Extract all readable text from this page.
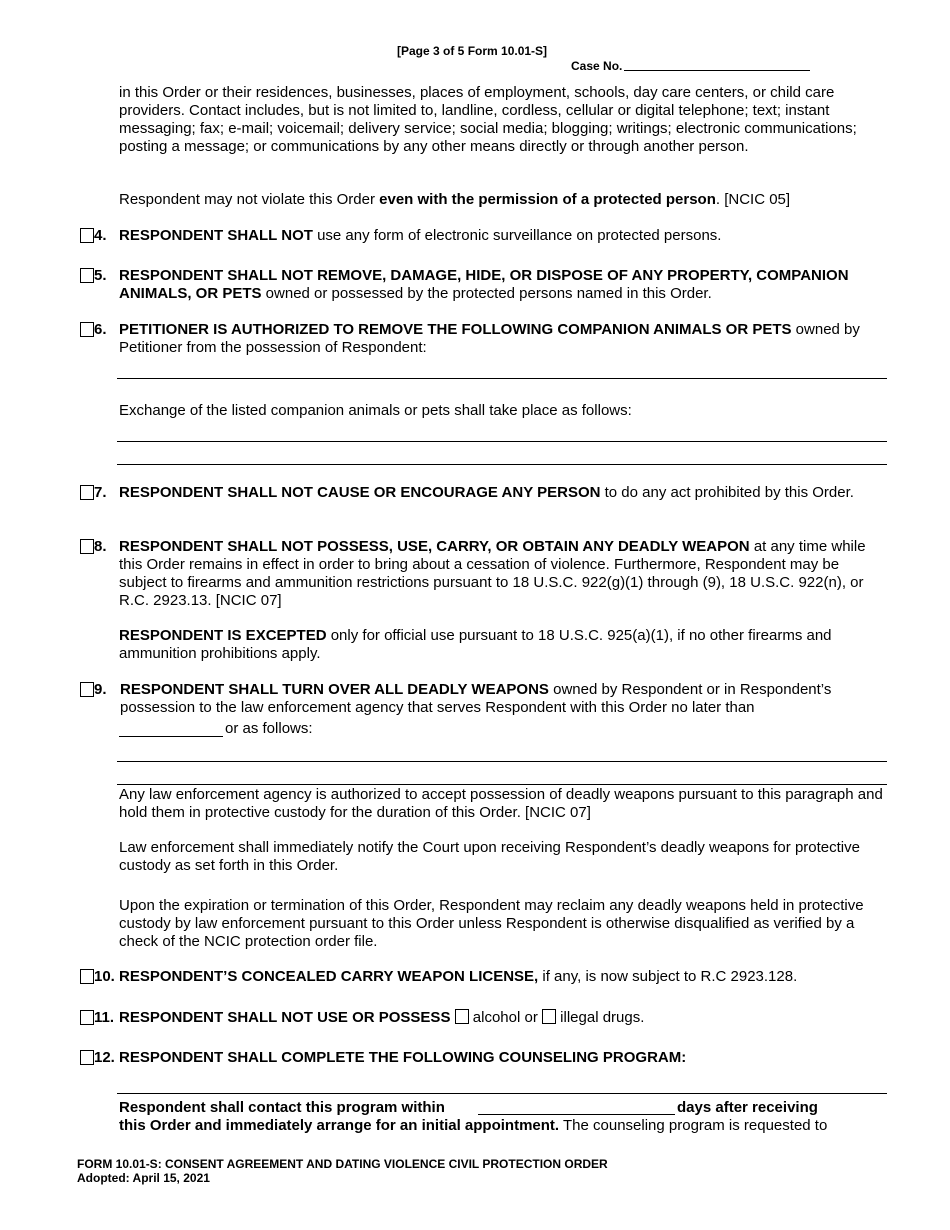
[Page 3 of 5 Form 10.01-S]
Case No.
in this Order or their residences, businesses, places of employment, schools, day care centers, or child care providers. Contact includes, but is not limited to, landline, cordless, cellular or digital telephone; text; instant messaging; fax; e-mail; voicemail; delivery service; social media; blogging; writings; electronic communications; posting a message; or communications by any other means directly or through another person.
Respondent may not violate this Order even with the permission of a protected person. [NCIC 05]
4. RESPONDENT SHALL NOT use any form of electronic surveillance on protected persons.
5. RESPONDENT SHALL NOT REMOVE, DAMAGE, HIDE, OR DISPOSE OF ANY PROPERTY, COMPANION ANIMALS, OR PETS owned or possessed by the protected persons named in this Order.
6. PETITIONER IS AUTHORIZED TO REMOVE THE FOLLOWING COMPANION ANIMALS OR PETS owned by Petitioner from the possession of Respondent:
Exchange of the listed companion animals or pets shall take place as follows:
7. RESPONDENT SHALL NOT CAUSE OR ENCOURAGE ANY PERSON to do any act prohibited by this Order.
8. RESPONDENT SHALL NOT POSSESS, USE, CARRY, OR OBTAIN ANY DEADLY WEAPON at any time while this Order remains in effect in order to bring about a cessation of violence. Furthermore, Respondent may be subject to firearms and ammunition restrictions pursuant to 18 U.S.C. 922(g)(1) through (9), 18 U.S.C. 922(n), or R.C. 2923.13. [NCIC 07]
RESPONDENT IS EXCEPTED only for official use pursuant to 18 U.S.C. 925(a)(1), if no other firearms and ammunition prohibitions apply.
9. RESPONDENT SHALL TURN OVER ALL DEADLY WEAPONS owned by Respondent or in Respondent’s possession to the law enforcement agency that serves Respondent with this Order no later than
or as follows:
Any law enforcement agency is authorized to accept possession of deadly weapons pursuant to this paragraph and hold them in protective custody for the duration of this Order. [NCIC 07]
Law enforcement shall immediately notify the Court upon receiving Respondent’s deadly weapons for protective custody as set forth in this Order.
Upon the expiration or termination of this Order, Respondent may reclaim any deadly weapons held in protective custody by law enforcement pursuant to this Order unless Respondent is otherwise disqualified as verified by a check of the NCIC protection order file.
10. RESPONDENT’S CONCEALED CARRY WEAPON LICENSE, if any, is now subject to R.C 2923.128.
11. RESPONDENT SHALL NOT USE OR POSSESS  alcohol or  illegal drugs.
12. RESPONDENT SHALL COMPLETE THE FOLLOWING COUNSELING PROGRAM:
Respondent shall contact this program within	days after receiving
this Order and immediately arrange for an initial appointment. The counseling program is requested to
FORM 10.01-S: CONSENT AGREEMENT AND DATING VIOLENCE CIVIL PROTECTION ORDER
Adopted: April 15, 2021
